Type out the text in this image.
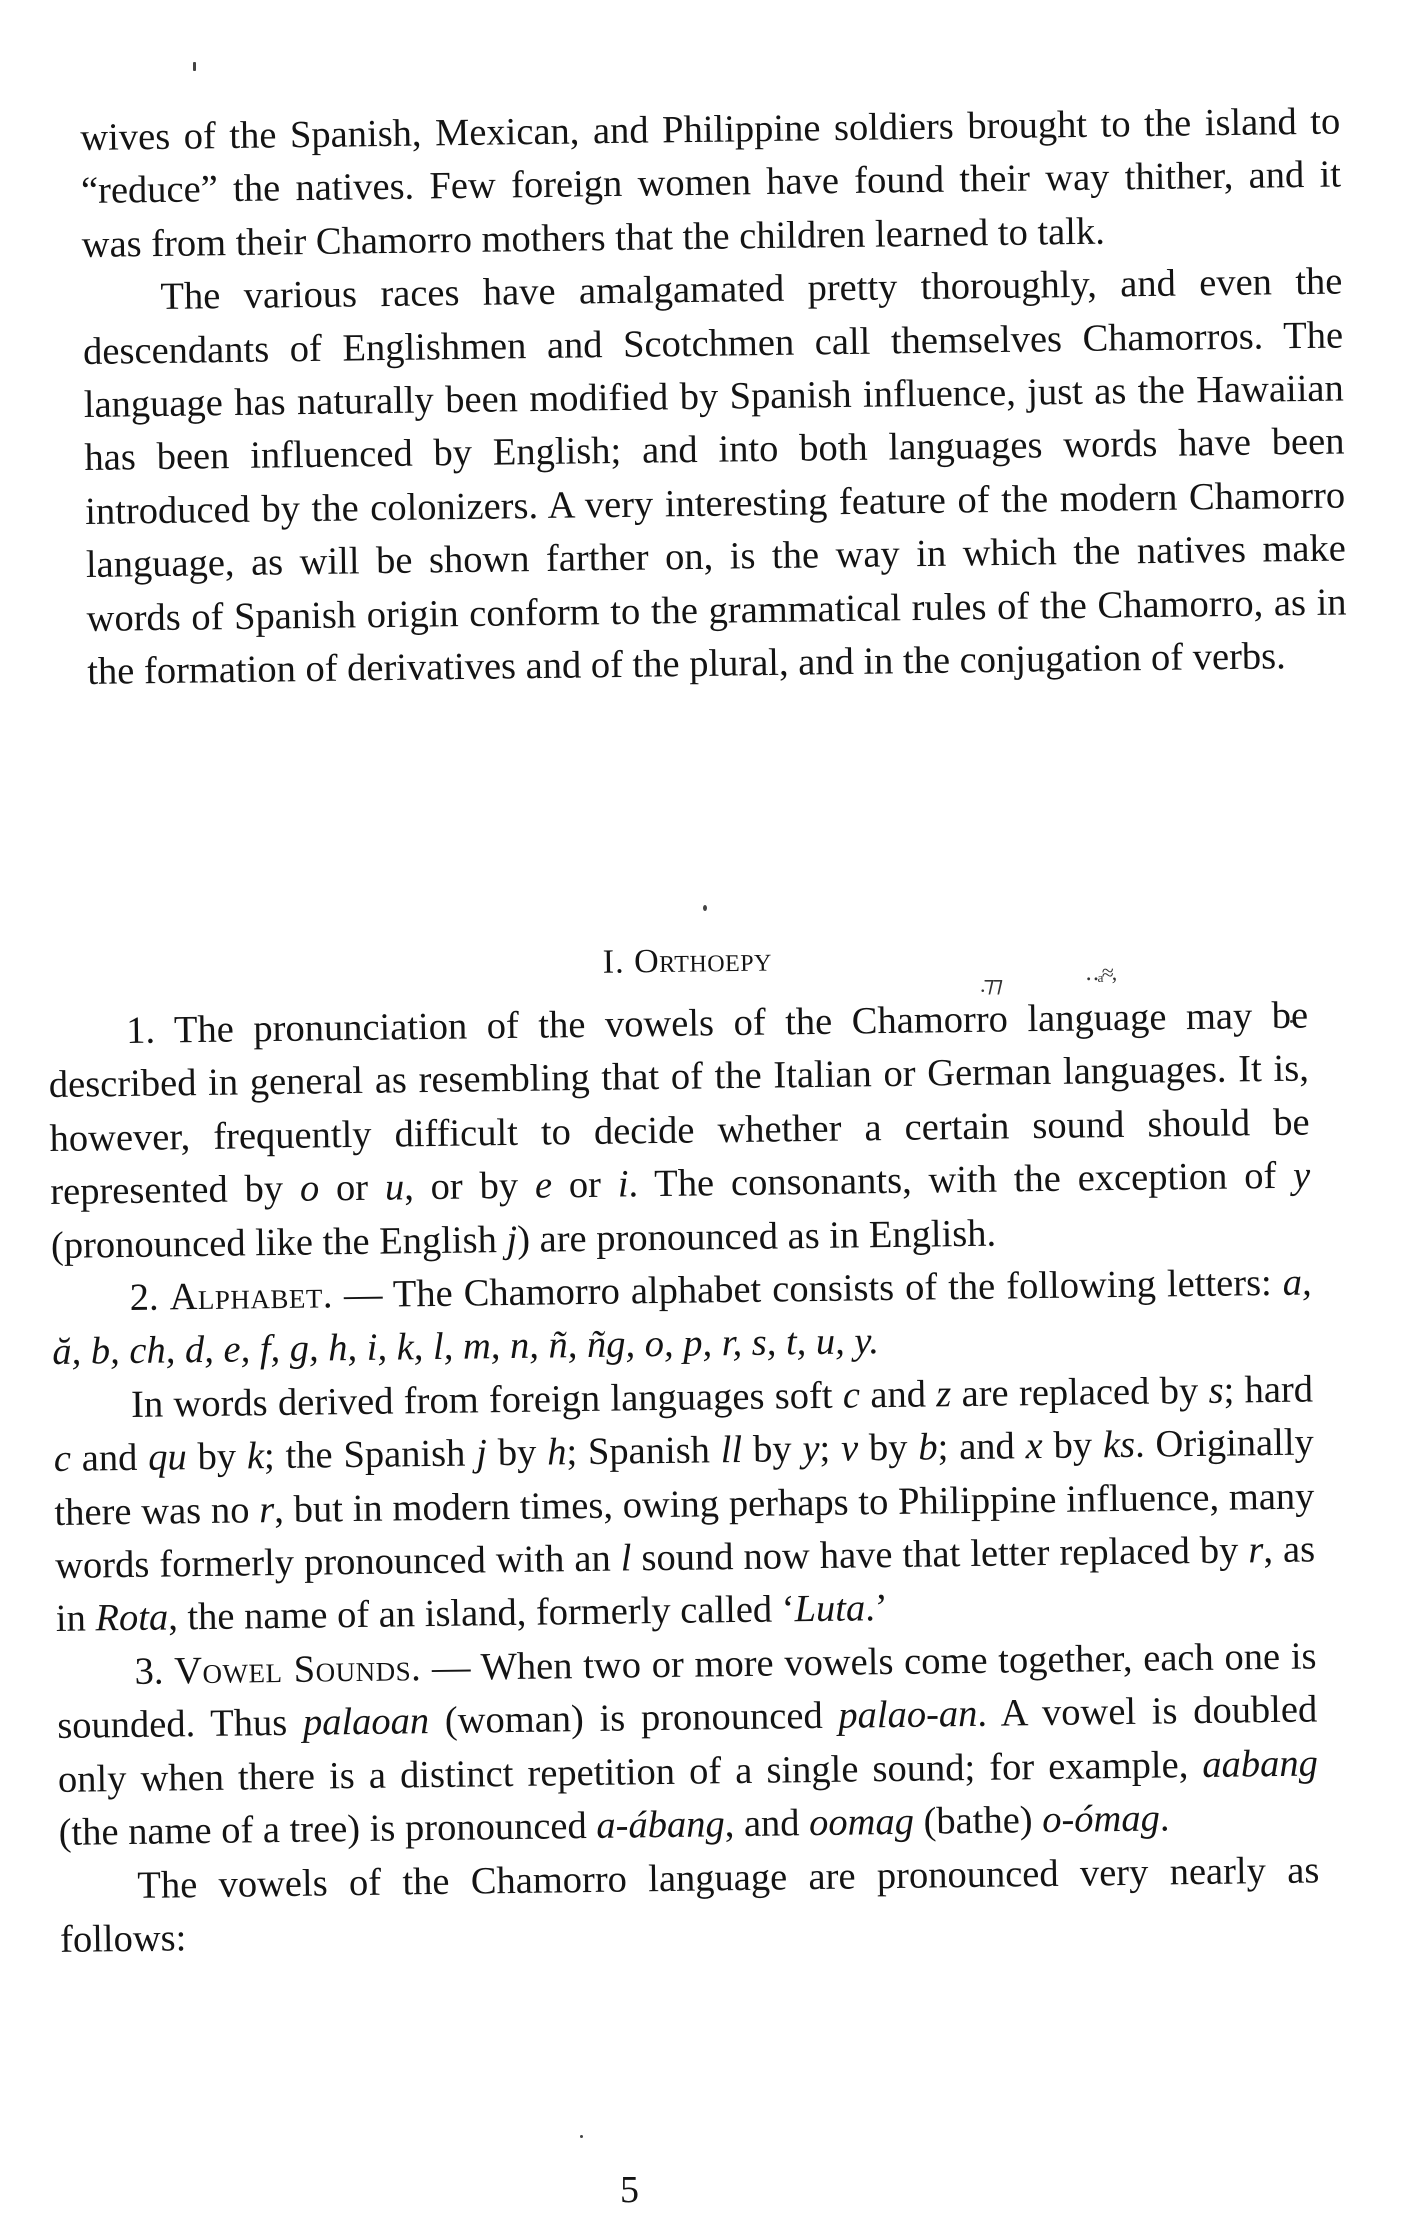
.⁊⁊	‥ₐ≈,

wives of the Spanish, Mexican, and Philippine soldiers brought to the island to “reduce” the natives. Few foreign women have found their way thither, and it was from their Chamorro mothers that the children learned to talk.

The various races have amalgamated pretty thoroughly, and even the descendants of Englishmen and Scotchmen call themselves Chamorros. The language has naturally been modified by Spanish influence, just as the Hawaiian has been influenced by English; and into both languages words have been introduced by the colonizers. A very interesting feature of the modern Chamorro language, as will be shown farther on, is the way in which the natives make words of Spanish origin conform to the grammatical rules of the Chamorro, as in the formation of derivatives and of the plural, and in the conjugation of verbs.

I. Orthoepy

1. The pronunciation of the vowels of the Chamorro language may be described in general as resembling that of the Italian or German languages. It is, however, frequently difficult to decide whether a certain sound should be represented by o or u, or by e or i. The consonants, with the exception of y (pronounced like the English j) are pronounced as in English.

2. Alphabet. — The Chamorro alphabet consists of the following letters: a, ă, b, ch, d, e, f, g, h, i, k, l, m, n, ñ, ñg, o, p, r, s, t, u, y.

In words derived from foreign languages soft c and z are replaced by s; hard c and qu by k; the Spanish j by h; Spanish ll by y; v by b; and x by ks. Originally there was no r, but in modern times, owing perhaps to Philippine influence, many words formerly pronounced with an l sound now have that letter replaced by r, as in Rota, the name of an island, formerly called ‘Luta.’

3. Vowel Sounds. — When two or more vowels come together, each one is sounded. Thus palaoan (woman) is pronounced palao-an. A vowel is doubled only when there is a distinct repetition of a single sound; for example, aabang (the name of a tree) is pronounced a-ábang, and oomag (bathe) o-ómag.

The vowels of the Chamorro language are pronounced very nearly as follows:

5
